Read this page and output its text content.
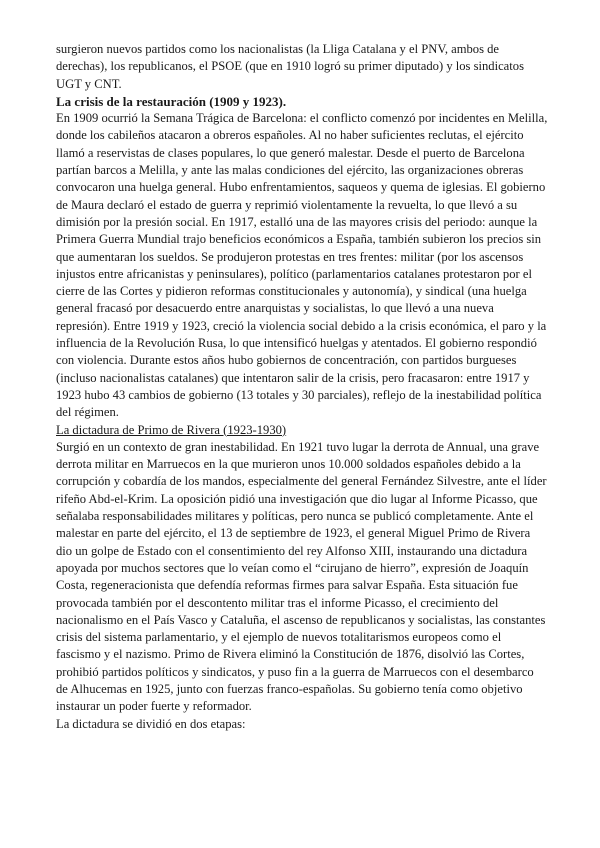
surgieron nuevos partidos como los nacionalistas (la Lliga Catalana y el PNV, ambos de derechas), los republicanos, el PSOE (que en 1910 logró su primer diputado) y los sindicatos UGT y CNT.

La crisis de la restauración (1909 y 1923).

En 1909 ocurrió la Semana Trágica de Barcelona: el conflicto comenzó por incidentes en Melilla, donde los cabileños atacaron a obreros españoles. Al no haber suficientes reclutas, el ejército llamó a reservistas de clases populares, lo que generó malestar. Desde el puerto de Barcelona partían barcos a Melilla, y ante las malas condiciones del ejército, las organizaciones obreras convocaron una huelga general. Hubo enfrentamientos, saqueos y quema de iglesias. El gobierno de Maura declaró el estado de guerra y reprimió violentamente la revuelta, lo que llevó a su dimisión por la presión social. En 1917, estalló una de las mayores crisis del periodo: aunque la Primera Guerra Mundial trajo beneficios económicos a España, también subieron los precios sin que aumentaran los sueldos. Se produjeron protestas en tres frentes: militar (por los ascensos injustos entre africanistas y peninsulares), político (parlamentarios catalanes protestaron por el cierre de las Cortes y pidieron reformas constitucionales y autonomía), y sindical (una huelga general fracasó por desacuerdo entre anarquistas y socialistas, lo que llevó a una nueva represión). Entre 1919 y 1923, creció la violencia social debido a la crisis económica, el paro y la influencia de la Revolución Rusa, lo que intensificó huelgas y atentados. El gobierno respondió con violencia. Durante estos años hubo gobiernos de concentración, con partidos burgueses (incluso nacionalistas catalanes) que intentaron salir de la crisis, pero fracasaron: entre 1917 y 1923 hubo 43 cambios de gobierno (13 totales y 30 parciales), reflejo de la inestabilidad política del régimen.

La dictadura de Primo de Rivera (1923-1930)

Surgió en un contexto de gran inestabilidad. En 1921 tuvo lugar la derrota de Annual, una grave derrota militar en Marruecos en la que murieron unos 10.000 soldados españoles debido a la corrupción y cobardía de los mandos, especialmente del general Fernández Silvestre, ante el líder rifeño Abd-el-Krim. La oposición pidió una investigación que dio lugar al Informe Picasso, que señalaba responsabilidades militares y políticas, pero nunca se publicó completamente. Ante el malestar en parte del ejército, el 13 de septiembre de 1923, el general Miguel Primo de Rivera dio un golpe de Estado con el consentimiento del rey Alfonso XIII, instaurando una dictadura apoyada por muchos sectores que lo veían como el “cirujano de hierro”, expresión de Joaquín Costa, regeneracionista que defendía reformas firmes para salvar España. Esta situación fue provocada también por el descontento militar tras el informe Picasso, el crecimiento del nacionalismo en el País Vasco y Cataluña, el ascenso de republicanos y socialistas, las constantes crisis del sistema parlamentario, y el ejemplo de nuevos totalitarismos europeos como el fascismo y el nazismo. Primo de Rivera eliminó la Constitución de 1876, disolvió las Cortes, prohibió partidos políticos y sindicatos, y puso fin a la guerra de Marruecos con el desembarco de Alhucemas en 1925, junto con fuerzas franco-españolas. Su gobierno tenía como objetivo instaurar un poder fuerte y reformador.

La dictadura se dividió en dos etapas:
